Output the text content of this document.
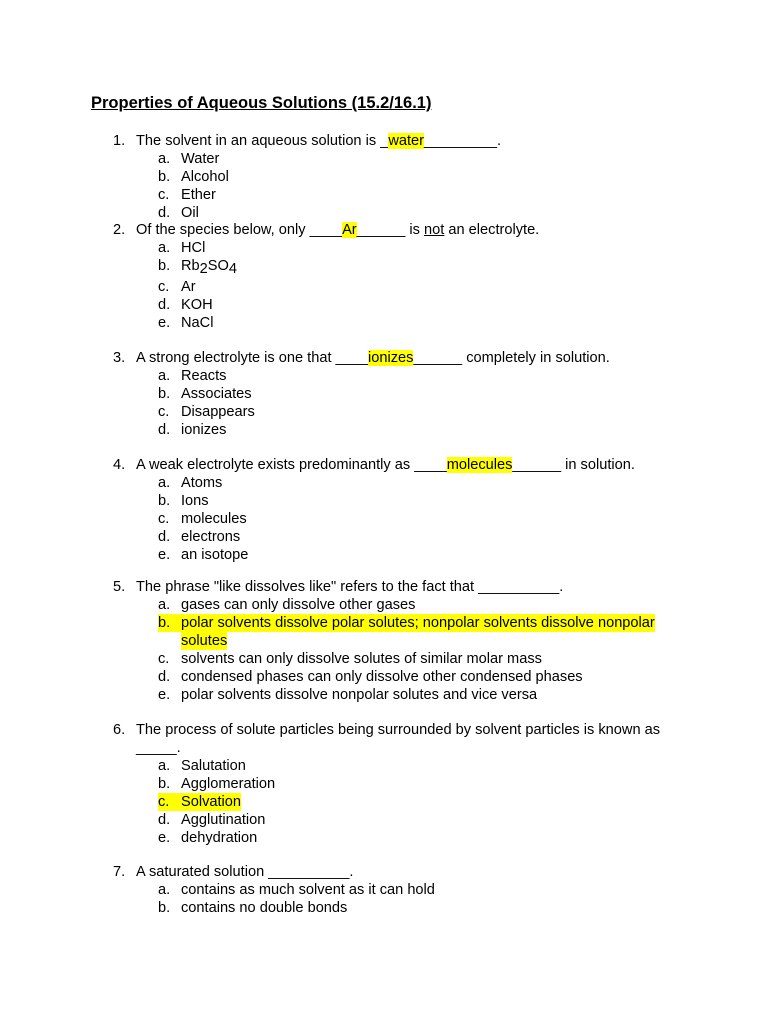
Properties of Aqueous Solutions (15.2/16.1)
1. The solvent in an aqueous solution is _water_________.
a. Water
b. Alcohol
c. Ether
d. Oil
2. Of the species below, only ____Ar______ is not an electrolyte.
a. HCl
b. Rb2SO4
c. Ar
d. KOH
e. NaCl
3. A strong electrolyte is one that ____ionizes______ completely in solution.
a. Reacts
b. Associates
c. Disappears
d. ionizes
4. A weak electrolyte exists predominantly as ____molecules______ in solution.
a. Atoms
b. Ions
c. molecules
d. electrons
e. an isotope
5. The phrase "like dissolves like" refers to the fact that __________.
a. gases can only dissolve other gases
b. polar solvents dissolve polar solutes; nonpolar solvents dissolve nonpolar
solutes
c. solvents can only dissolve solutes of similar molar mass
d. condensed phases can only dissolve other condensed phases
e. polar solvents dissolve nonpolar solutes and vice versa
6. The process of solute particles being surrounded by solvent particles is known as
_____.
a. Salutation
b. Agglomeration
c. Solvation
d. Agglutination
e. dehydration
7. A saturated solution __________.
a. contains as much solvent as it can hold
b. contains no double bonds
